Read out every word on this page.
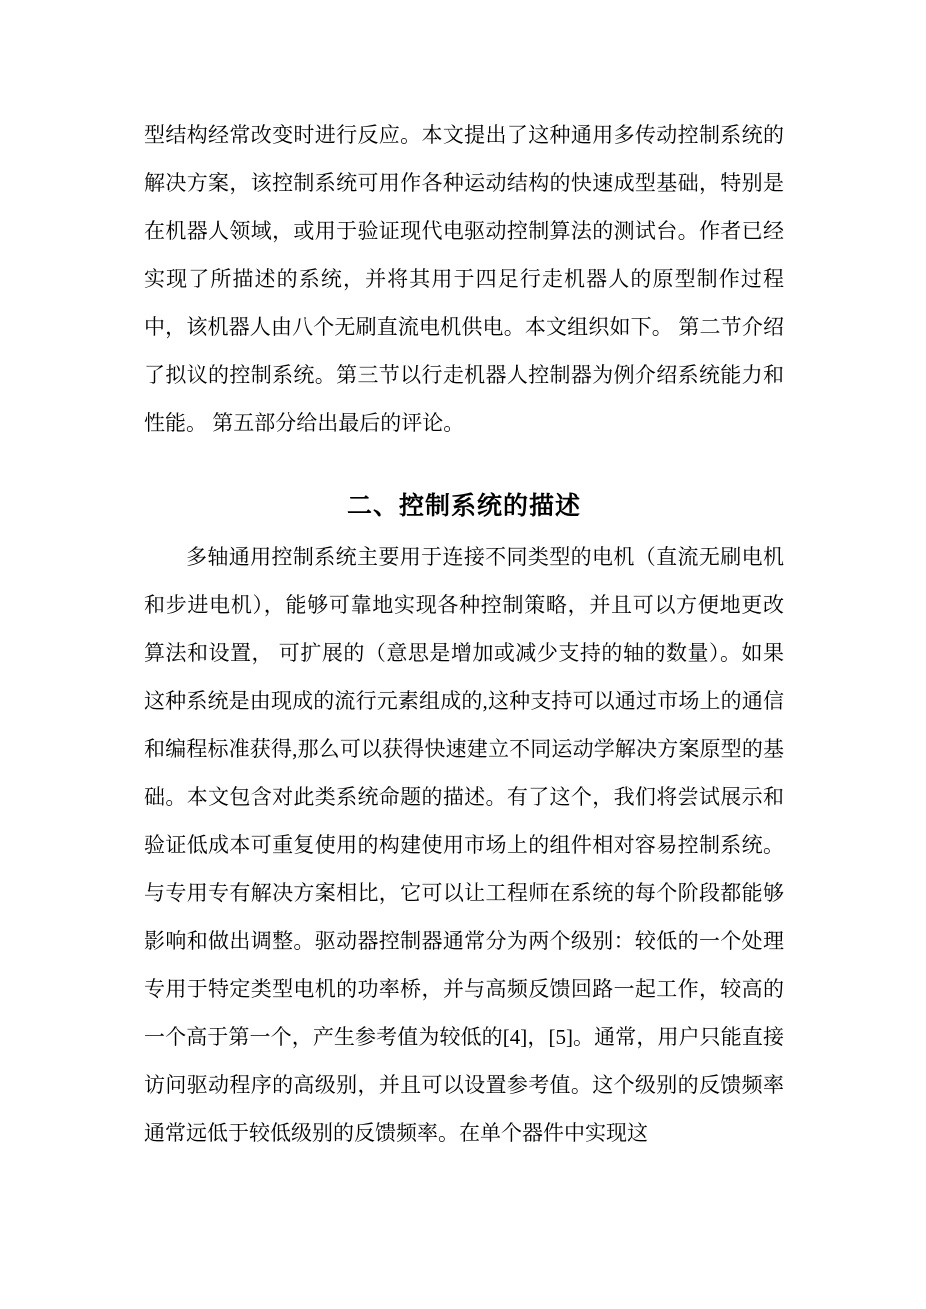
型结构经常改变时进行反应。本文提出了这种通用多传动控制系统的解决方案，该控制系统可用作各种运动结构的快速成型基础，特别是在机器人领域，或用于验证现代电驱动控制算法的测试台。作者已经实现了所描述的系统，并将其用于四足行走机器人的原型制作过程中，该机器人由八个无刷直流电机供电。本文组织如下。 第二节介绍了拟议的控制系统。第三节以行走机器人控制器为例介绍系统能力和性能。 第五部分给出最后的评论。

二、控制系统的描述

多轴通用控制系统主要用于连接不同类型的电机（直流无刷电机和步进电机），能够可靠地实现各种控制策略，并且可以方便地更改算法和设置， 可扩展的（意思是增加或减少支持的轴的数量）。如果这种系统是由现成的流行元素组成的,这种支持可以通过市场上的通信和编程标准获得,那么可以获得快速建立不同运动学解决方案原型的基础。本文包含对此类系统命题的描述。有了这个，我们将尝试展示和验证低成本可重复使用的构建使用市场上的组件相对容易控制系统。与专用专有解决方案相比，它可以让工程师在系统的每个阶段都能够影响和做出调整。驱动器控制器通常分为两个级别：较低的一个处理专用于特定类型电机的功率桥，并与高频反馈回路一起工作，较高的一个高于第一个，产生参考值为较低的[4]，[5]。通常，用户只能直接访问驱动程序的高级别，并且可以设置参考值。这个级别的反馈频率通常远低于较低级别的反馈频率。在单个器件中实现这
